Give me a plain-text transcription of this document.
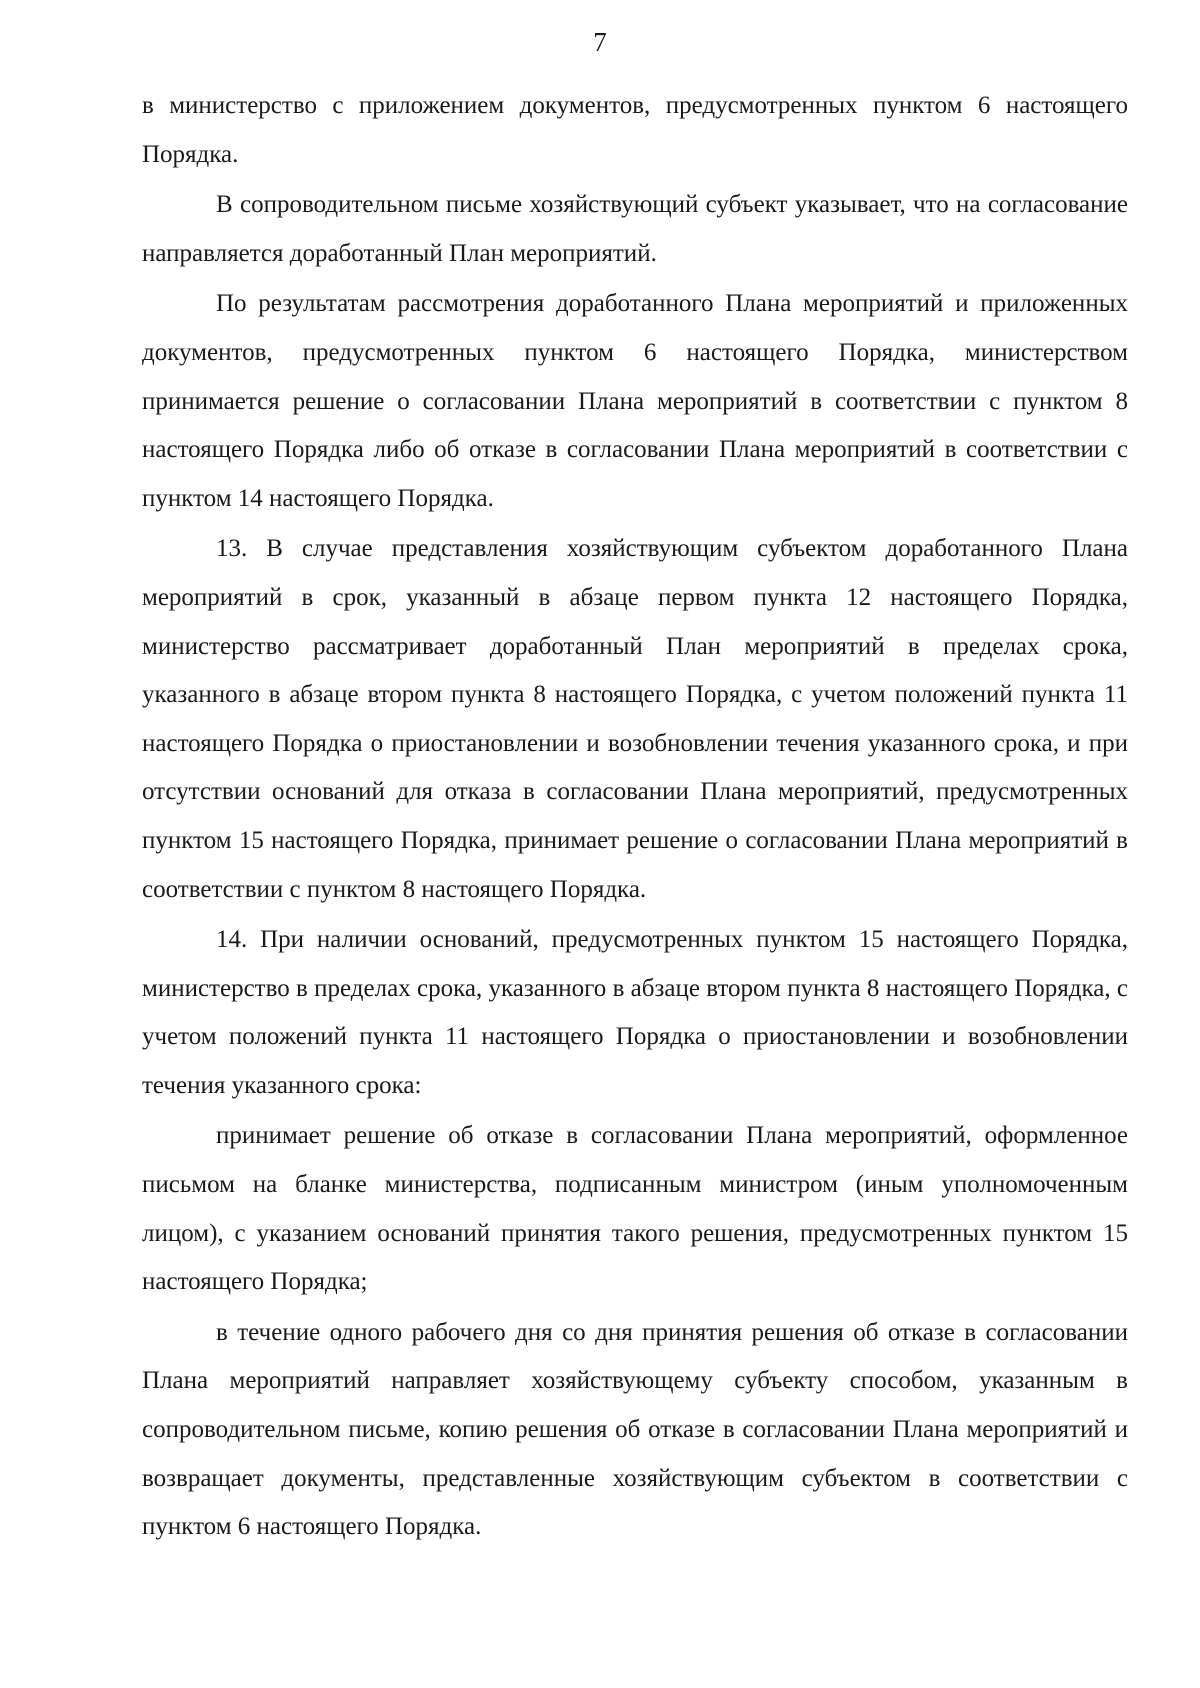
7

в министерство с приложением документов, предусмотренных пунктом 6 настоящего Порядка.

В сопроводительном письме хозяйствующий субъект указывает, что на согласование направляется доработанный План мероприятий.

По результатам рассмотрения доработанного Плана мероприятий и приложенных документов, предусмотренных пунктом 6 настоящего Порядка, министерством принимается решение о согласовании Плана мероприятий в соответствии с пунктом 8 настоящего Порядка либо об отказе в согласовании Плана мероприятий в соответствии с пунктом 14 настоящего Порядка.

13. В случае представления хозяйствующим субъектом доработанного Плана мероприятий в срок, указанный в абзаце первом пункта 12 настоящего Порядка, министерство рассматривает доработанный План мероприятий в пределах срока, указанного в абзаце втором пункта 8 настоящего Порядка, с учетом положений пункта 11 настоящего Порядка о приостановлении и возобновлении течения указанного срока, и при отсутствии оснований для отказа в согласовании Плана мероприятий, предусмотренных пунктом 15 настоящего Порядка, принимает решение о согласовании Плана мероприятий в соответствии с пунктом 8 настоящего Порядка.

14. При наличии оснований, предусмотренных пунктом 15 настоящего Порядка, министерство в пределах срока, указанного в абзаце втором пункта 8 настоящего Порядка, с учетом положений пункта 11 настоящего Порядка о приостановлении и возобновлении течения указанного срока:

принимает решение об отказе в согласовании Плана мероприятий, оформленное письмом на бланке министерства, подписанным министром (иным уполномоченным лицом), с указанием оснований принятия такого решения, предусмотренных пунктом 15 настоящего Порядка;

в течение одного рабочего дня со дня принятия решения об отказе в согласовании Плана мероприятий направляет хозяйствующему субъекту способом, указанным в сопроводительном письме, копию решения об отказе в согласовании Плана мероприятий и возвращает документы, представленные хозяйствующим субъектом в соответствии с пунктом 6 настоящего Порядка.
